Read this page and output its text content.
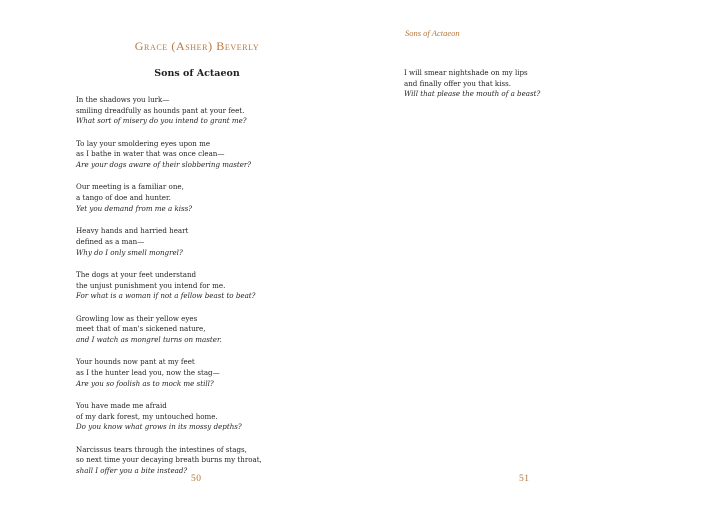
Grace (Asher) Beverly
Sons of Actaeon
In the shadows you lurk—
smiling dreadfully as hounds pant at your feet.
What sort of misery do you intend to grant me?
To lay your smoldering eyes upon me
as I bathe in water that was once clean—
Are your dogs aware of their slobbering master?
Our meeting is a familiar one,
a tango of doe and hunter.
Yet you demand from me a kiss?
Heavy hands and harried heart
defined as a man—
Why do I only smell mongrel?
The dogs at your feet understand
the unjust punishment you intend for me.
For what is a woman if not a fellow beast to beat?
Growling low as their yellow eyes
meet that of man's sickened nature,
and I watch as mongrel turns on master.
Your hounds now pant at my feet
as I the hunter lead you, now the stag—
Are you so foolish as to mock me still?
You have made me afraid
of my dark forest, my untouched home.
Do you know what grows in its mossy depths?
Narcissus tears through the intestines of stags,
so next time your decaying breath burns my throat,
shall I offer you a bite instead?
50
Sons of Actaeon
I will smear nightshade on my lips
and finally offer you that kiss.
Will that please the mouth of a beast?
51
